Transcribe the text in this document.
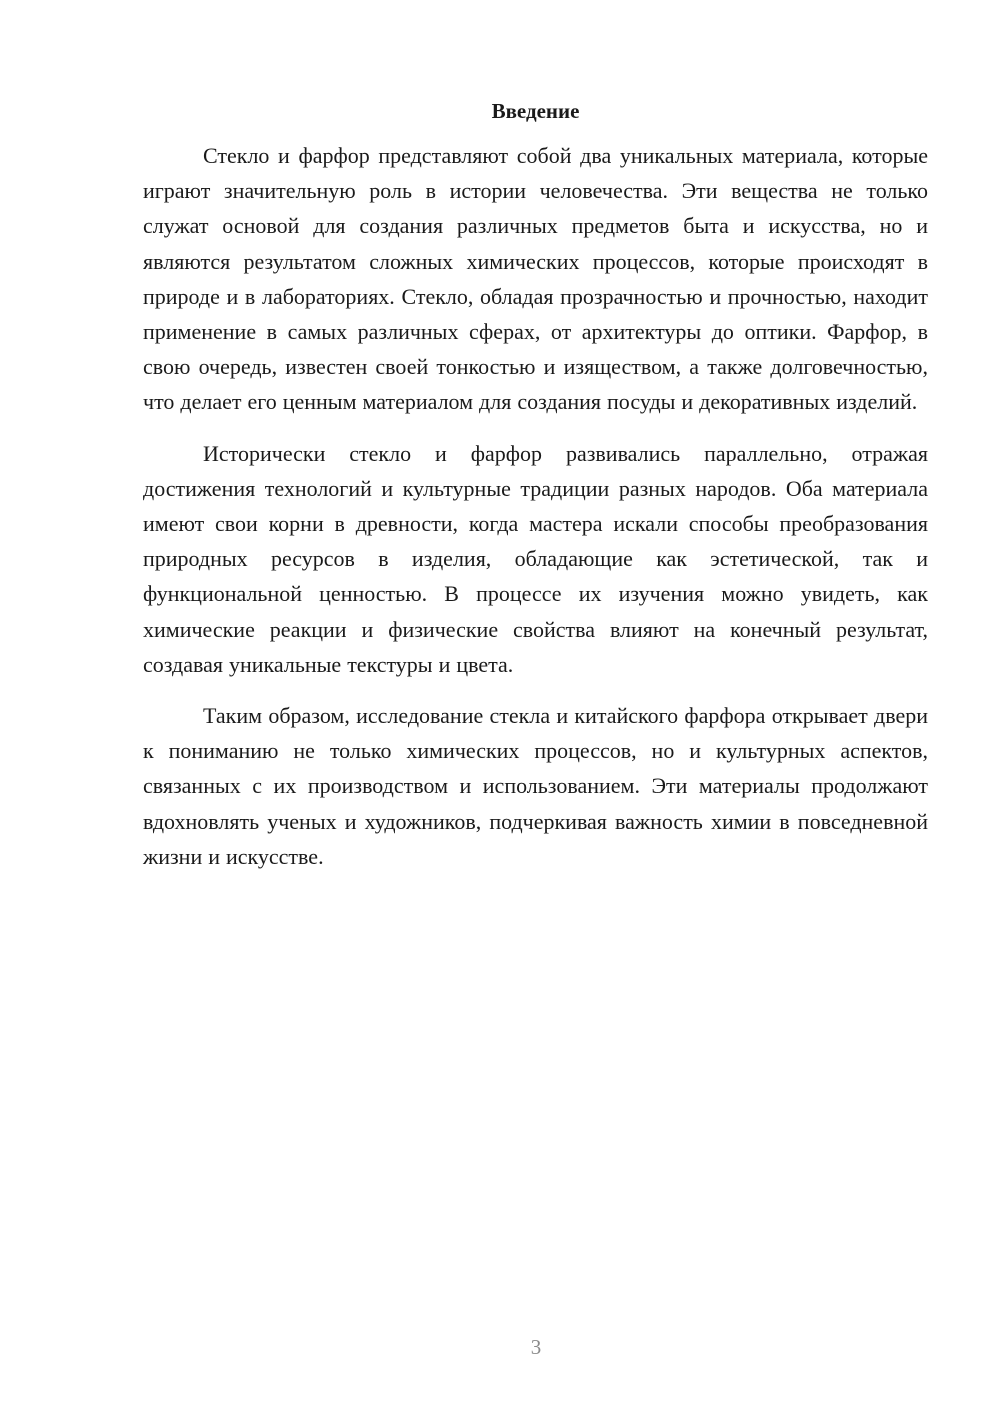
Введение

Стекло и фарфор представляют собой два уникальных материала, которые играют значительную роль в истории человечества. Эти вещества не только служат основой для создания различных предметов быта и искусства, но и являются результатом сложных химических процессов, которые происходят в природе и в лабораториях. Стекло, обладая прозрачностью и прочностью, находит применение в самых различных сферах, от архитектуры до оптики. Фарфор, в свою очередь, известен своей тонкостью и изяществом, а также долговечностью, что делает его ценным материалом для создания посуды и декоративных изделий.

Исторически стекло и фарфор развивались параллельно, отражая достижения технологий и культурные традиции разных народов. Оба материала имеют свои корни в древности, когда мастера искали способы преобразования природных ресурсов в изделия, обладающие как эстетической, так и функциональной ценностью. В процессе их изучения можно увидеть, как химические реакции и физические свойства влияют на конечный результат, создавая уникальные текстуры и цвета.

Таким образом, исследование стекла и китайского фарфора открывает двери к пониманию не только химических процессов, но и культурных аспектов, связанных с их производством и использованием. Эти материалы продолжают вдохновлять ученых и художников, подчеркивая важность химии в повседневной жизни и искусстве.

3
